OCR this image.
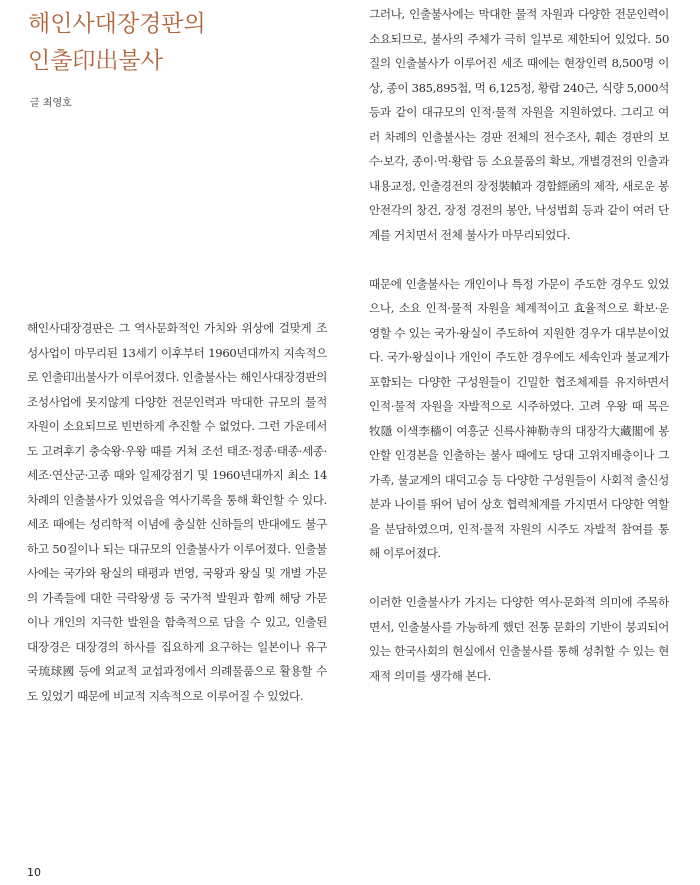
해인사대장경판의
인출印出불사
글 최영호

해인사대장경판은 그 역사문화적인 가치와 위상에 걸맞게 조성사업이 마무리된 13세기 이후부터 1960년대까지 지속적으로 인출印出불사가 이루어졌다. 인출불사는 해인사대장경판의 조성사업에 못지않게 다양한 전문인력과 막대한 규모의 물적 자원이 소요되므로 빈번하게 추진할 수 없었다. 그런 가운데서도 고려후기 충숙왕·우왕 때를 거쳐 조선 태조·정종·태종·세종·세조·연산군·고종 때와 일제강점기 및 1960년대까지 최소 14차례의 인출불사가 있었음을 역사기록을 통해 확인할 수 있다. 세조 때에는 성리학적 이념에 충실한 신하들의 반대에도 불구하고 50질이나 되는 대규모의 인출불사가 이루어졌다. 인출불사에는 국가와 왕실의 태평과 번영, 국왕과 왕실 및 개별 가문의 가족들에 대한 극락왕생 등 국가적 발원과 함께 해당 가문이나 개인의 지극한 발원을 함축적으로 담을 수 있고, 인출된 대장경은 대장경의 하사를 집요하게 요구하는 일본이나 유구국琉球國 등에 외교적 교섭과정에서 의례물품으로 활용할 수도 있었기 때문에 비교적 지속적으로 이루어질 수 있었다.

그러나, 인출불사에는 막대한 물적 자원과 다양한 전문인력이 소요되므로, 불사의 주체가 극히 일부로 제한되어 있었다. 50질의 인출불사가 이루어진 세조 때에는 현장인력 8,500명 이상, 종이 385,895첩, 먹 6,125정, 황랍 240근, 식량 5,000석 등과 같이 대규모의 인적·물적 자원을 지원하였다. 그리고 여러 차례의 인출불사는 경판 전체의 전수조사, 훼손 경판의 보수·보각, 종이·먹·황랍 등 소요물품의 확보, 개별경전의 인출과 내용교정, 인출경전의 장정裝幀과 경함經函의 제작, 새로운 봉안전각의 창건, 장정 경전의 봉안, 낙성법회 등과 같이 여러 단계를 거치면서 전체 불사가 마무리되었다.

때문에 인출불사는 개인이나 특정 가문이 주도한 경우도 있었으나, 소요 인적·물적 자원을 체계적이고 효율적으로 확보·운영할 수 있는 국가·왕실이 주도하여 지원한 경우가 대부분이었다. 국가·왕실이나 개인이 주도한 경우에도 세속인과 불교계가 포함되는 다양한 구성원들이 긴밀한 협조체제를 유지하면서 인적·물적 자원을 자발적으로 시주하였다. 고려 우왕 때 목은牧隱 이색李穡이 여흥군 신륵사神勒寺의 대장각大藏閣에 봉안할 인경본을 인출하는 불사 때에도 당대 고위지배층이나 그 가족, 불교계의 대덕고승 등 다양한 구성원들이 사회적 출신성분과 나이를 뛰어 넘어 상호 협력체계를 가지면서 다양한 역할을 분담하였으며, 인적·물적 자원의 시주도 자발적 참여를 통해 이루어졌다.

이러한 인출불사가 가지는 다양한 역사·문화적 의미에 주목하면서, 인출불사를 가능하게 했던 전통 문화의 기반이 붕괴되어 있는 한국사회의 현실에서 인출불사를 통해 성취할 수 있는 현재적 의미를 생각해 본다.

10
